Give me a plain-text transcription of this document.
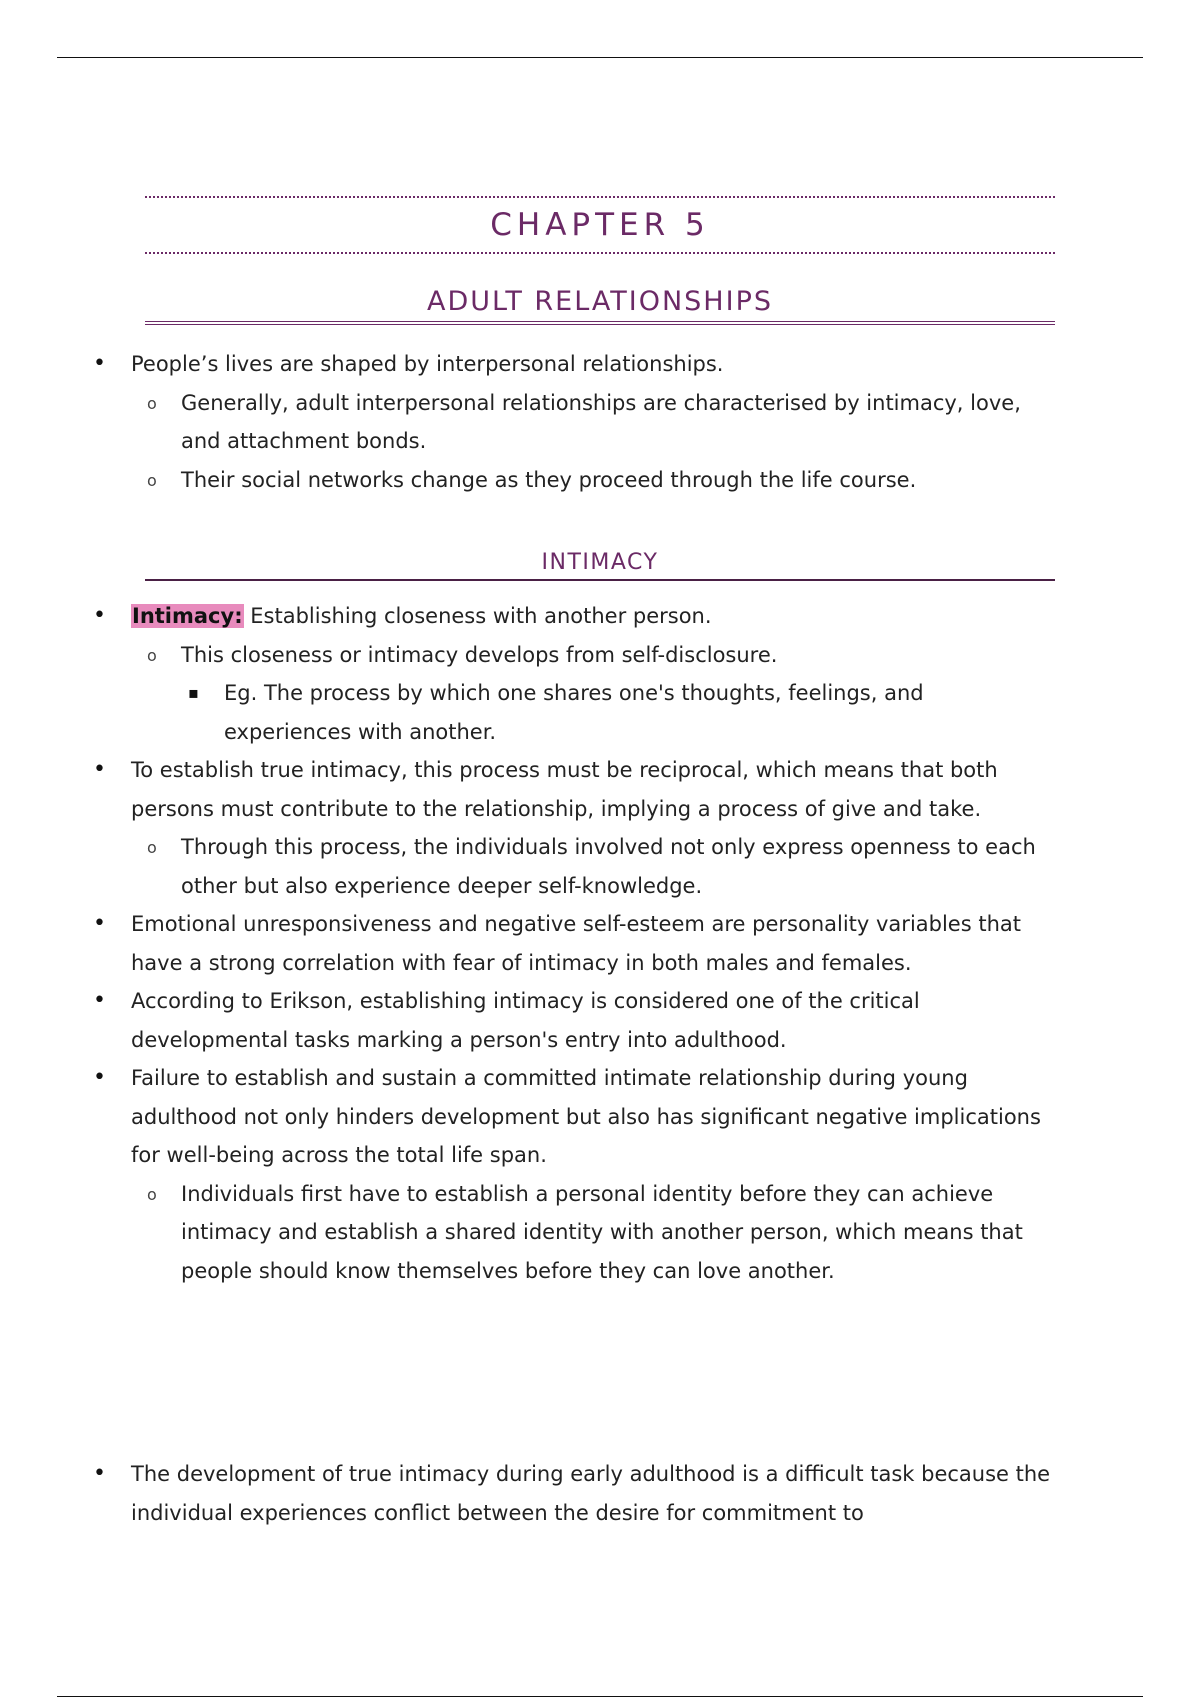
CHAPTER 5
ADULT RELATIONSHIPS
• People’s lives are shaped by interpersonal relationships.
o Generally, adult interpersonal relationships are characterised by intimacy, love, and attachment bonds.
o Their social networks change as they proceed through the life course.
INTIMACY
• Intimacy: Establishing closeness with another person.
o This closeness or intimacy develops from self-disclosure.
▪ Eg. The process by which one shares one's thoughts, feelings, and experiences with another.
• To establish true intimacy, this process must be reciprocal, which means that both persons must contribute to the relationship, implying a process of give and take.
o Through this process, the individuals involved not only express openness to each other but also experience deeper self-knowledge.
• Emotional unresponsiveness and negative self-esteem are personality variables that have a strong correlation with fear of intimacy in both males and females.
• According to Erikson, establishing intimacy is considered one of the critical developmental tasks marking a person's entry into adulthood.
• Failure to establish and sustain a committed intimate relationship during young adulthood not only hinders development but also has significant negative implications for well-being across the total life span.
o Individuals first have to establish a personal identity before they can achieve intimacy and establish a shared identity with another person, which means that people should know themselves before they can love another.
• The development of true intimacy during early adulthood is a difficult task because the individual experiences conflict between the desire for commitment to
